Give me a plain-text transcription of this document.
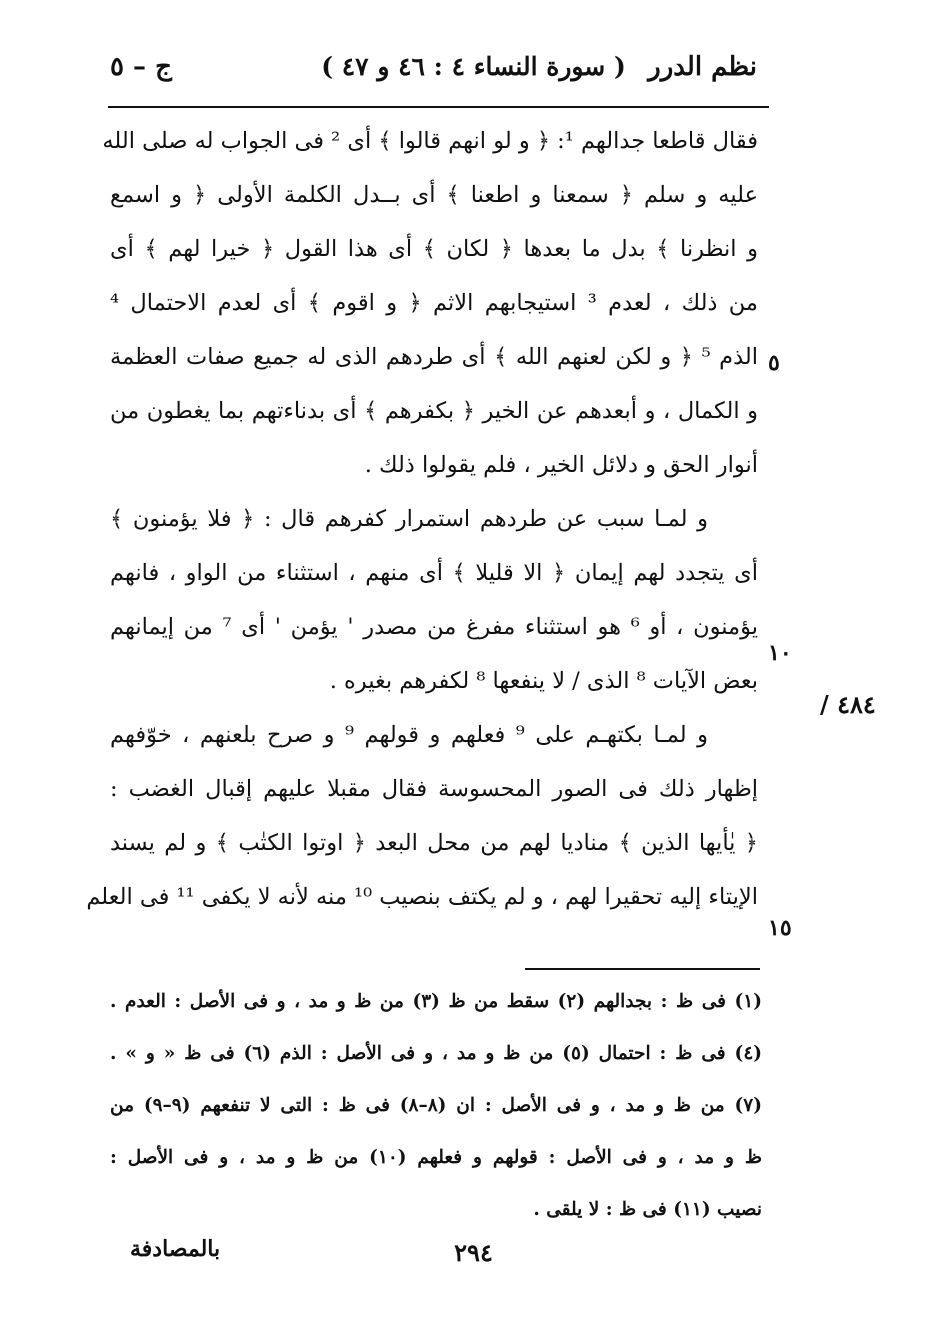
نظم الدرر
( سورة النساء ٤ : ٤٦ و ٤٧ )
ج – ٥
فقال قاطعا جدالهم ¹: ﴿ و لو انهم قالوا ﴾ أى ² فى الجواب له صلى الله
عليه و سلم ﴿ سمعنا و اطعنا ﴾ أى بــدل الكلمة الأولى ﴿ و اسمع
و انظرنا ﴾ بدل ما بعدها ﴿ لكان ﴾ أى هذا القول ﴿ خيرا لهم ﴾ أى
من ذلك ، لعدم ³ استيجابهم الاثم ﴿ و اقوم ﴾ أى لعدم الاحتمال ⁴
الذم ⁵ ﴿ و لكن لعنهم الله ﴾ أى طردهم الذى له جميع صفات العظمة
و الكمال ، و أبعدهم عن الخير ﴿ بكفرهم ﴾ أى بدناءتهم بما يغطون من
أنوار الحق و دلائل الخير ، فلم يقولوا ذلك .
و لمـا سبب عن طردهم استمرار كفرهم قال : ﴿ فلا يؤمنون ﴾
أى يتجدد لهم إيمان ﴿ الا قليلا ﴾ أى منهم ، استثناء من الواو ، فانهم
يؤمنون ، أو ⁶ هو استثناء مفرغ من مصدر ' يؤمن ' أى ⁷ من إيمانهم
بعض الآيات ⁸ الذى / لا ينفعها ⁸ لكفرهم بغيره .
و لمـا بكتهـم على ⁹ فعلهم و قولهم ⁹ و صرح بلعنهم ، خوّفهم
إظهار ذلك فى الصور المحسوسة فقال مقبلا عليهم إقبال الغضب :
﴿ يٰأيها الذين ﴾ مناديا لهم من محل البعد ﴿ اوتوا الكتٰب ﴾ و لم يسند
الإيتاء إليه تحقيرا لهم ، و لم يكتف بنصيب ¹⁰ منه لأنه لا يكفى ¹¹ فى العلم
٥
١٠
١٥
٤٨٤ /
(١) فى ظ : بجدالهم (٢) سقط من ظ (٣) من ظ و مد ، و فى الأصل : العدم .
(٤) فى ظ : احتمال (٥) من ظ و مد ، و فى الأصل : الذم (٦) فى ظ « و » .
(٧) من ظ و مد ، و فى الأصل : ان (٨–٨) فى ظ : التى لا تنفعهم (٩–٩) من
ظ و مد ، و فى الأصل : قولهم و فعلهم (١٠) من ظ و مد ، و فى الأصل :
نصيب (١١) فى ظ : لا يلقى .
٢٩٤
بالمصادفة
